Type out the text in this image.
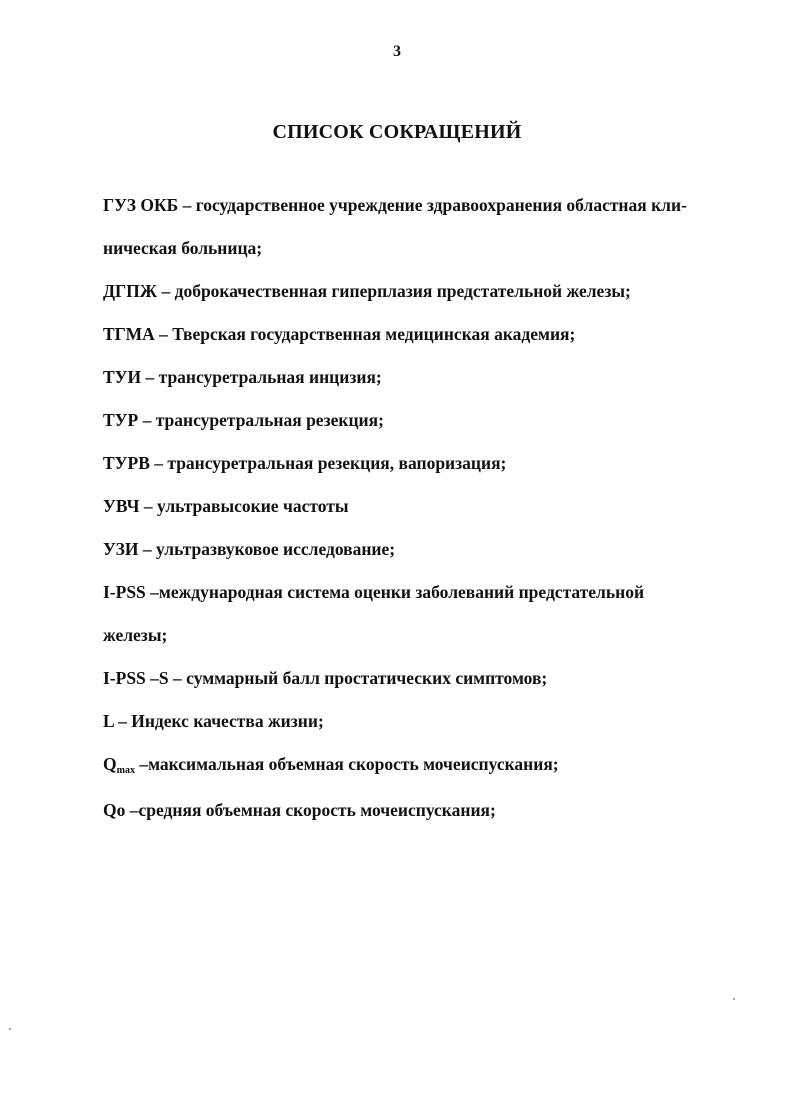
3
СПИСОК СОКРАЩЕНИЙ
ГУЗ ОКБ – государственное учреждение здравоохранения областная кли-
ническая больница;
ДГПЖ – доброкачественная гиперплазия предстательной железы;
ТГМА – Тверская государственная медицинская академия;
ТУИ – трансуретральная инцизия;
ТУР – трансуретральная резекция;
ТУРВ – трансуретральная резекция, вапоризация;
УВЧ – ультравысокие частоты
УЗИ – ультразвуковое исследование;
I-PSS –международная система оценки заболеваний предстательной
железы;
I-PSS –S – суммарный балл простатических симптомов;
L – Индекс качества жизни;
$Q_{max}$ –максимальная объемная скорость мочеиспускания;
Qo –средняя объемная скорость мочеиспускания;
